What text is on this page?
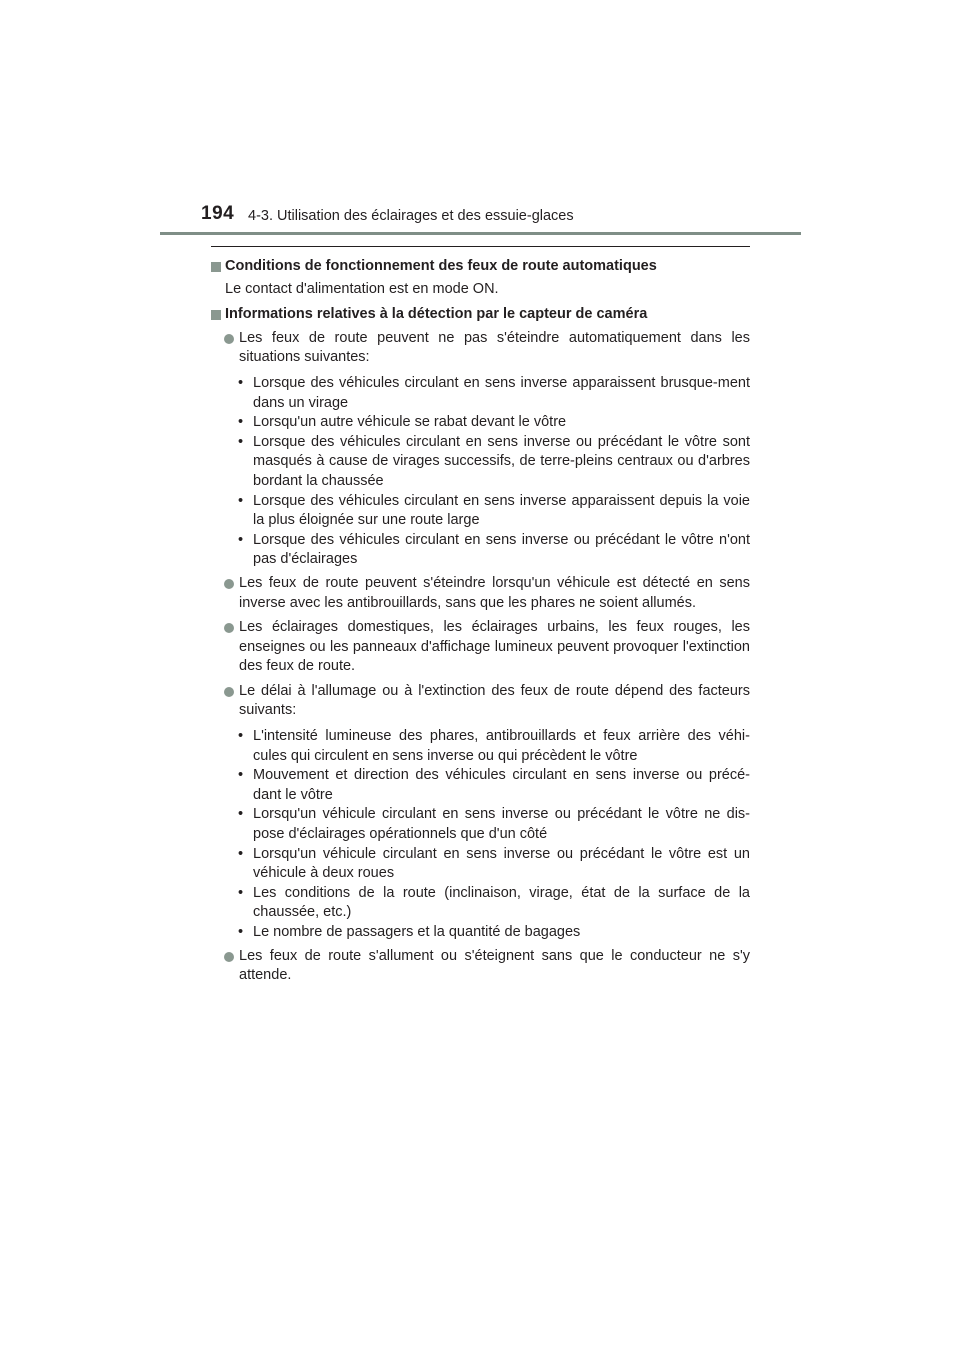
194 4-3. Utilisation des éclairages et des essuie-glaces
Conditions de fonctionnement des feux de route automatiques
Le contact d'alimentation est en mode ON.
Informations relatives à la détection par le capteur de caméra
Les feux de route peuvent ne pas s'éteindre automatiquement dans les situations suivantes:
• Lorsque des véhicules circulant en sens inverse apparaissent brusque-ment dans un virage
• Lorsqu'un autre véhicule se rabat devant le vôtre
• Lorsque des véhicules circulant en sens inverse ou précédant le vôtre sont masqués à cause de virages successifs, de terre-pleins centraux ou d'arbres bordant la chaussée
• Lorsque des véhicules circulant en sens inverse apparaissent depuis la voie la plus éloignée sur une route large
• Lorsque des véhicules circulant en sens inverse ou précédant le vôtre n'ont pas d'éclairages
Les feux de route peuvent s'éteindre lorsqu'un véhicule est détecté en sens inverse avec les antibrouillards, sans que les phares ne soient allumés.
Les éclairages domestiques, les éclairages urbains, les feux rouges, les enseignes ou les panneaux d'affichage lumineux peuvent provoquer l'extinction des feux de route.
Le délai à l'allumage ou à l'extinction des feux de route dépend des facteurs suivants:
• L'intensité lumineuse des phares, antibrouillards et feux arrière des véhi-cules qui circulent en sens inverse ou qui précèdent le vôtre
• Mouvement et direction des véhicules circulant en sens inverse ou précé-dant le vôtre
• Lorsqu'un véhicule circulant en sens inverse ou précédant le vôtre ne dis-pose d'éclairages opérationnels que d'un côté
• Lorsqu'un véhicule circulant en sens inverse ou précédant le vôtre est un véhicule à deux roues
• Les conditions de la route (inclinaison, virage, état de la surface de la chaussée, etc.)
• Le nombre de passagers et la quantité de bagages
Les feux de route s'allument ou s'éteignent sans que le conducteur ne s'y attende.
